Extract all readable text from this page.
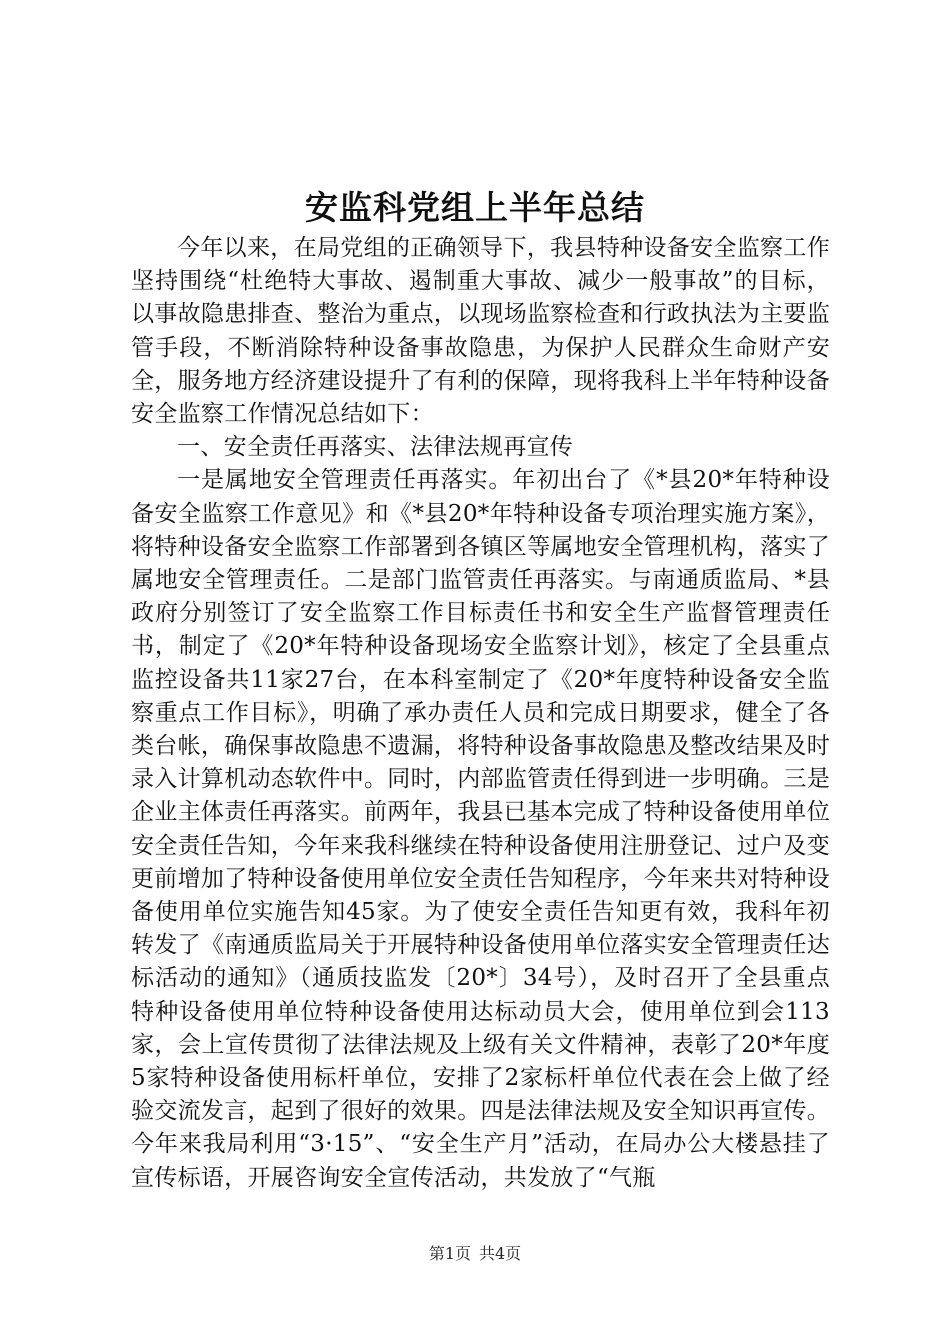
安监科党组上半年总结

今年以来，在局党组的正确领导下，我县特种设备安全监察工作坚持围绕“杜绝特大事故、遏制重大事故、减少一般事故”的目标，以事故隐患排查、整治为重点，以现场监察检查和行政执法为主要监管手段，不断消除特种设备事故隐患，为保护人民群众生命财产安全，服务地方经济建设提升了有利的保障，现将我科上半年特种设备安全监察工作情况总结如下：

一、安全责任再落实、法律法规再宣传

一是属地安全管理责任再落实。年初出台了《*县20*年特种设备安全监察工作意见》和《*县20*年特种设备专项治理实施方案》，将特种设备安全监察工作部署到各镇区等属地安全管理机构，落实了属地安全管理责任。二是部门监管责任再落实。与南通质监局、*县政府分别签订了安全监察工作目标责任书和安全生产监督管理责任书，制定了《20*年特种设备现场安全监察计划》，核定了全县重点监控设备共11家27台，在本科室制定了《20*年度特种设备安全监察重点工作目标》，明确了承办责任人员和完成日期要求，健全了各类台帐，确保事故隐患不遗漏，将特种设备事故隐患及整改结果及时录入计算机动态软件中。同时，内部监管责任得到进一步明确。三是企业主体责任再落实。前两年，我县已基本完成了特种设备使用单位安全责任告知，今年来我科继续在特种设备使用注册登记、过户及变更前增加了特种设备使用单位安全责任告知程序，今年来共对特种设备使用单位实施告知45家。为了使安全责任告知更有效，我科年初转发了《南通质监局关于开展特种设备使用单位落实安全管理责任达标活动的通知》（通质技监发〔20*〕34号），及时召开了全县重点特种设备使用单位特种设备使用达标动员大会，使用单位到会113家，会上宣传贯彻了法律法规及上级有关文件精神，表彰了20*年度5家特种设备使用标杆单位，安排了2家标杆单位代表在会上做了经验交流发言，起到了很好的效果。四是法律法规及安全知识再宣传。今年来我局利用“3·15”、“安全生产月”活动，在局办公大楼悬挂了宣传标语，开展咨询安全宣传活动，共发放了“气瓶

第1页 共4页
